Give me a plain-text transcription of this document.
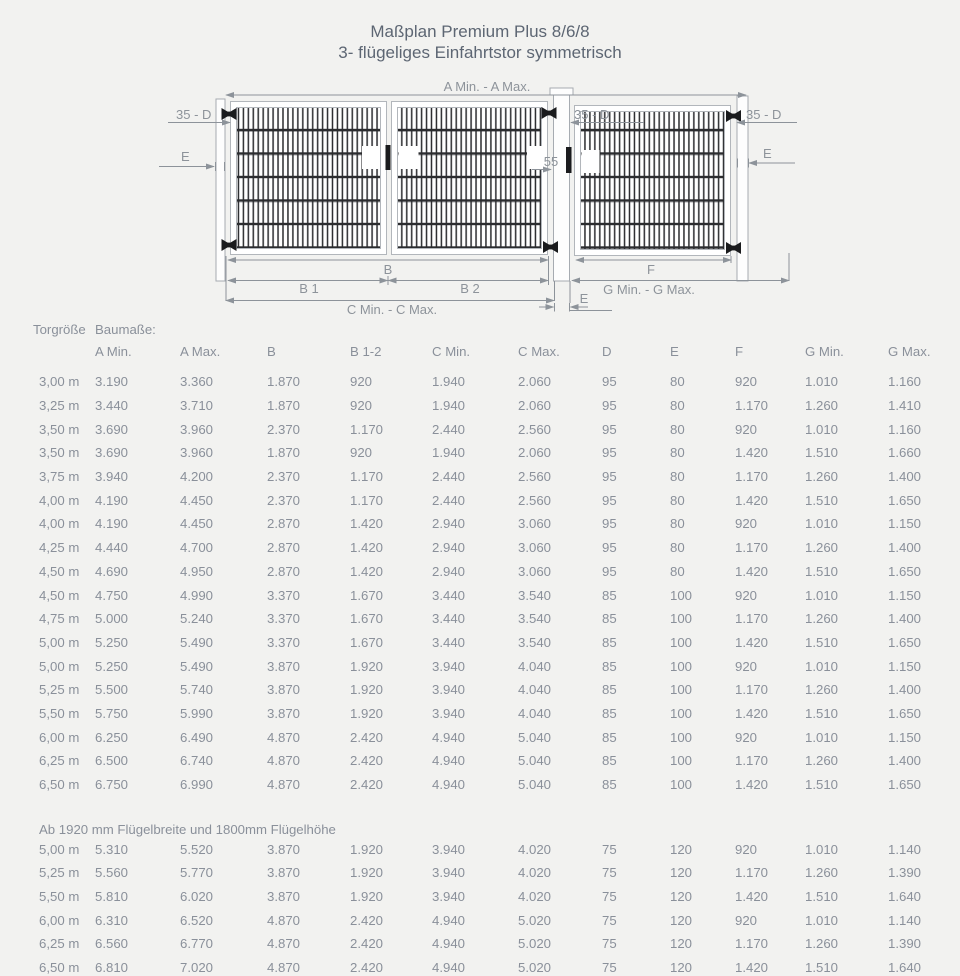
Maßplan Premium Plus 8/6/8
3- flügeliges Einfahrtstor symmetrisch
A Min. - A Max.
35 - D
E	55
35 - D	35 - D
E
B
B 1	B 2
F
G Min. - G Max.
C Min. - C Max.
E
Torgröße	Baumaße:										
	A Min.	A Max.	B	B 1-2	C Min.	C Max.	D	E	F	G Min.	G Max.
3,00 m	3.190	3.360	1.870	920	1.940	2.060	95	80	920	1.010	1.160
3,25 m	3.440	3.710	1.870	920	1.940	2.060	95	80	1.170	1.260	1.410
3,50 m	3.690	3.960	2.370	1.170	2.440	2.560	95	80	920	1.010	1.160
3,50 m	3.690	3.960	1.870	920	1.940	2.060	95	80	1.420	1.510	1.660
3,75 m	3.940	4.200	2.370	1.170	2.440	2.560	95	80	1.170	1.260	1.400
4,00 m	4.190	4.450	2.370	1.170	2.440	2.560	95	80	1.420	1.510	1.650
4,00 m	4.190	4.450	2.870	1.420	2.940	3.060	95	80	920	1.010	1.150
4,25 m	4.440	4.700	2.870	1.420	2.940	3.060	95	80	1.170	1.260	1.400
4,50 m	4.690	4.950	2.870	1.420	2.940	3.060	95	80	1.420	1.510	1.650
4,50 m	4.750	4.990	3.370	1.670	3.440	3.540	85	100	920	1.010	1.150
4,75 m	5.000	5.240	3.370	1.670	3.440	3.540	85	100	1.170	1.260	1.400
5,00 m	5.250	5.490	3.370	1.670	3.440	3.540	85	100	1.420	1.510	1.650
5,00 m	5.250	5.490	3.870	1.920	3.940	4.040	85	100	920	1.010	1.150
5,25 m	5.500	5.740	3.870	1.920	3.940	4.040	85	100	1.170	1.260	1.400
5,50 m	5.750	5.990	3.870	1.920	3.940	4.040	85	100	1.420	1.510	1.650
6,00 m	6.250	6.490	4.870	2.420	4.940	5.040	85	100	920	1.010	1.150
6,25 m	6.500	6.740	4.870	2.420	4.940	5.040	85	100	1.170	1.260	1.400
6,50 m	6.750	6.990	4.870	2.420	4.940	5.040	85	100	1.420	1.510	1.650
Ab 1920 mm Flügelbreite und 1800mm Flügelhöhe											
5,00 m	5.310	5.520	3.870	1.920	3.940	4.020	75	120	920	1.010	1.140
5,25 m	5.560	5.770	3.870	1.920	3.940	4.020	75	120	1.170	1.260	1.390
5,50 m	5.810	6.020	3.870	1.920	3.940	4.020	75	120	1.420	1.510	1.640
6,00 m	6.310	6.520	4.870	2.420	4.940	5.020	75	120	920	1.010	1.140
6,25 m	6.560	6.770	4.870	2.420	4.940	5.020	75	120	1.170	1.260	1.390
6,50 m	6.810	7.020	4.870	2.420	4.940	5.020	75	120	1.420	1.510	1.640
